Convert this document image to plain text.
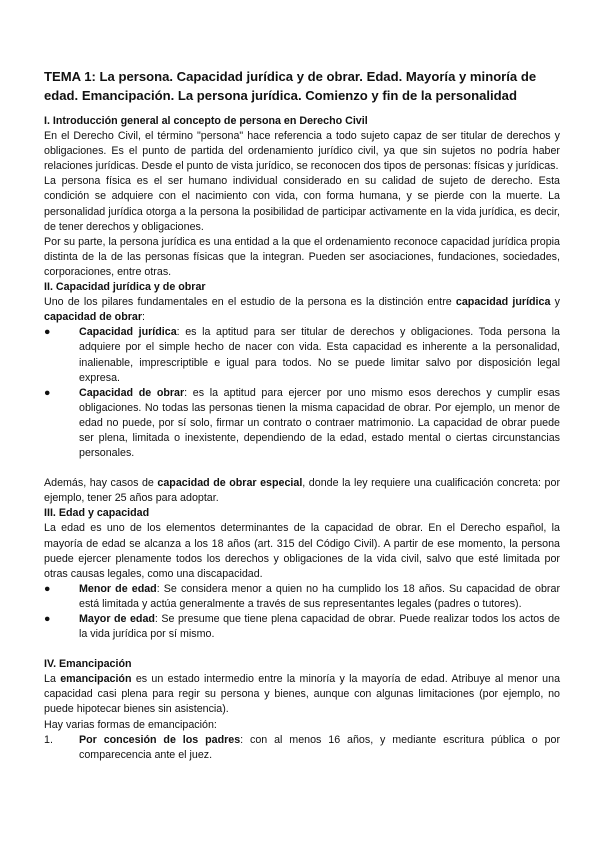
TEMA 1: La persona. Capacidad jurídica y de obrar. Edad. Mayoría y minoría de edad. Emancipación. La persona jurídica. Comienzo y fin de la personalidad
I. Introducción general al concepto de persona en Derecho Civil

En el Derecho Civil, el término "persona" hace referencia a todo sujeto capaz de ser titular de derechos y obligaciones. Es el punto de partida del ordenamiento jurídico civil, ya que sin sujetos no podría haber relaciones jurídicas. Desde el punto de vista jurídico, se reconocen dos tipos de personas: físicas y jurídicas.

La persona física es el ser humano individual considerado en su calidad de sujeto de derecho. Esta condición se adquiere con el nacimiento con vida, con forma humana, y se pierde con la muerte. La personalidad jurídica otorga a la persona la posibilidad de participar activamente en la vida jurídica, es decir, de tener derechos y obligaciones.

Por su parte, la persona jurídica es una entidad a la que el ordenamiento reconoce capacidad jurídica propia distinta de la de las personas físicas que la integran. Pueden ser asociaciones, fundaciones, sociedades, corporaciones, entre otras.

II. Capacidad jurídica y de obrar

Uno de los pilares fundamentales en el estudio de la persona es la distinción entre capacidad jurídica y capacidad de obrar:

●	Capacidad jurídica: es la aptitud para ser titular de derechos y obligaciones. Toda persona la adquiere por el simple hecho de nacer con vida. Esta capacidad es inherente a la personalidad, inalienable, imprescriptible e igual para todos. No se puede limitar salvo por disposición legal expresa.
●	Capacidad de obrar: es la aptitud para ejercer por uno mismo esos derechos y cumplir esas obligaciones. No todas las personas tienen la misma capacidad de obrar. Por ejemplo, un menor de edad no puede, por sí solo, firmar un contrato o contraer matrimonio. La capacidad de obrar puede ser plena, limitada o inexistente, dependiendo de la edad, estado mental o ciertas circunstancias personales.

Además, hay casos de capacidad de obrar especial, donde la ley requiere una cualificación concreta: por ejemplo, tener 25 años para adoptar.

III. Edad y capacidad

La edad es uno de los elementos determinantes de la capacidad de obrar. En el Derecho español, la mayoría de edad se alcanza a los 18 años (art. 315 del Código Civil). A partir de ese momento, la persona puede ejercer plenamente todos los derechos y obligaciones de la vida civil, salvo que esté limitada por otras causas legales, como una discapacidad.

●	Menor de edad: Se considera menor a quien no ha cumplido los 18 años. Su capacidad de obrar está limitada y actúa generalmente a través de sus representantes legales (padres o tutores).
●	Mayor de edad: Se presume que tiene plena capacidad de obrar. Puede realizar todos los actos de la vida jurídica por sí mismo.
IV. Emancipación

La emancipación es un estado intermedio entre la minoría y la mayoría de edad. Atribuye al menor una capacidad casi plena para regir su persona y bienes, aunque con algunas limitaciones (por ejemplo, no puede hipotecar bienes sin asistencia).

Hay varias formas de emancipación:

1.	Por concesión de los padres: con al menos 16 años, y mediante escritura pública o por comparecencia ante el juez.
